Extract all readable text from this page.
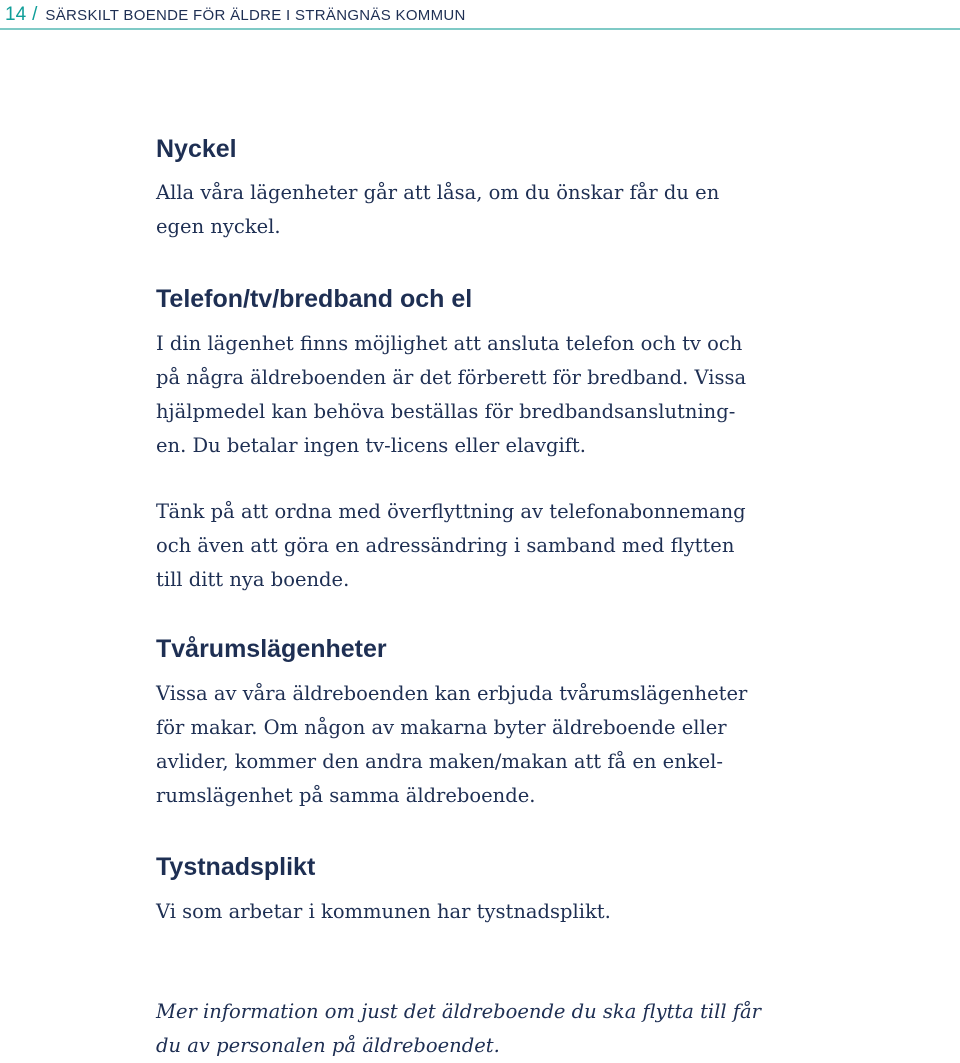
14 / SÄRSKILT BOENDE FÖR ÄLDRE I STRÄNGNÄS KOMMUN
Nyckel

Alla våra lägenheter går att låsa, om du önskar får du en
egen nyckel.

Telefon/tv/bredband och el

I din lägenhet finns möjlighet att ansluta telefon och tv och
på några äldreboenden är det förberett för bredband. Vissa
hjälpmedel kan behöva beställas för bredbandsanslutning-
en. Du betalar ingen tv-licens eller elavgift.

Tänk på att ordna med överflyttning av telefonabonnemang
och även att göra en adressändring i samband med flytten
till ditt nya boende.

Tvårumslägenheter

Vissa av våra äldreboenden kan erbjuda tvårumslägenheter
för makar. Om någon av makarna byter äldreboende eller
avlider, kommer den andra maken/makan att få en enkel-
rumslägenhet på samma äldreboende.

Tystnadsplikt

Vi som arbetar i kommunen har tystnadsplikt.

Mer information om just det äldreboende du ska flytta till får
du av personalen på äldreboendet.
